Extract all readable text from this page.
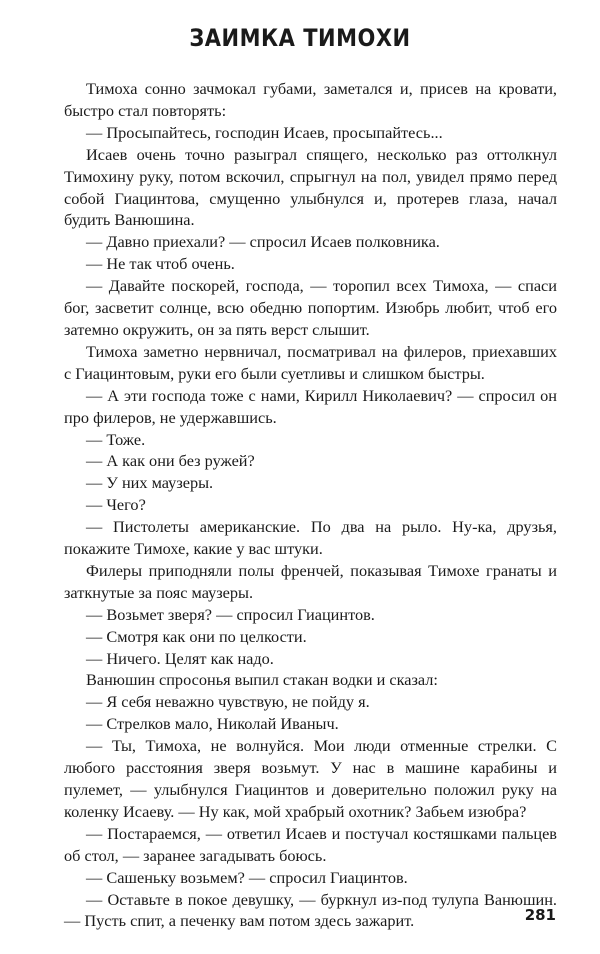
ЗАИМКА ТИМОХИ

Тимоха сонно зачмокал губами, заметался и, присев на кровати, быстро стал повторять:

— Просыпайтесь, господин Исаев, просыпайтесь...

Исаев очень точно разыграл спящего, несколько раз оттолкнул Тимохину руку, потом вскочил, спрыгнул на пол, увидел прямо перед собой Гиацинтова, смущенно улыбнулся и, протерев глаза, начал будить Ванюшина.

— Давно приехали? — спросил Исаев полковника.

— Не так чтоб очень.

— Давайте поскорей, господа, — торопил всех Тимоха, — спаси бог, засветит солнце, всю обедню попортим. Изюбрь любит, чтоб его затемно окружить, он за пять верст слышит.

Тимоха заметно нервничал, посматривал на филеров, приехавших с Гиацинтовым, руки его были суетливы и слишком быстры.

— А эти господа тоже с нами, Кирилл Николаевич? — спросил он про филеров, не удержавшись.

— Тоже.

— А как они без ружей?

— У них маузеры.

— Чего?

— Пистолеты американские. По два на рыло. Ну-ка, друзья, покажите Тимохе, какие у вас штуки.

Филеры приподняли полы френчей, показывая Тимохе гранаты и заткнутые за пояс маузеры.

— Возьмет зверя? — спросил Гиацинтов.

— Смотря как они по целкости.

— Ничего. Целят как надо.

Ванюшин спросонья выпил стакан водки и сказал:

— Я себя неважно чувствую, не пойду я.

— Стрелков мало, Николай Иваныч.

— Ты, Тимоха, не волнуйся. Мои люди отменные стрелки. С любого расстояния зверя возьмут. У нас в машине карабины и пулемет, — улыбнулся Гиацинтов и доверительно положил руку на коленку Исаеву. — Ну как, мой храбрый охотник? Забьем изюбра?

— Постараемся, — ответил Исаев и постучал костяшками пальцев об стол, — заранее загадывать боюсь.

— Сашеньку возьмем? — спросил Гиацинтов.

— Оставьте в покое девушку, — буркнул из-под тулупа Ванюшин. — Пусть спит, а печенку вам потом здесь зажарит.	281
